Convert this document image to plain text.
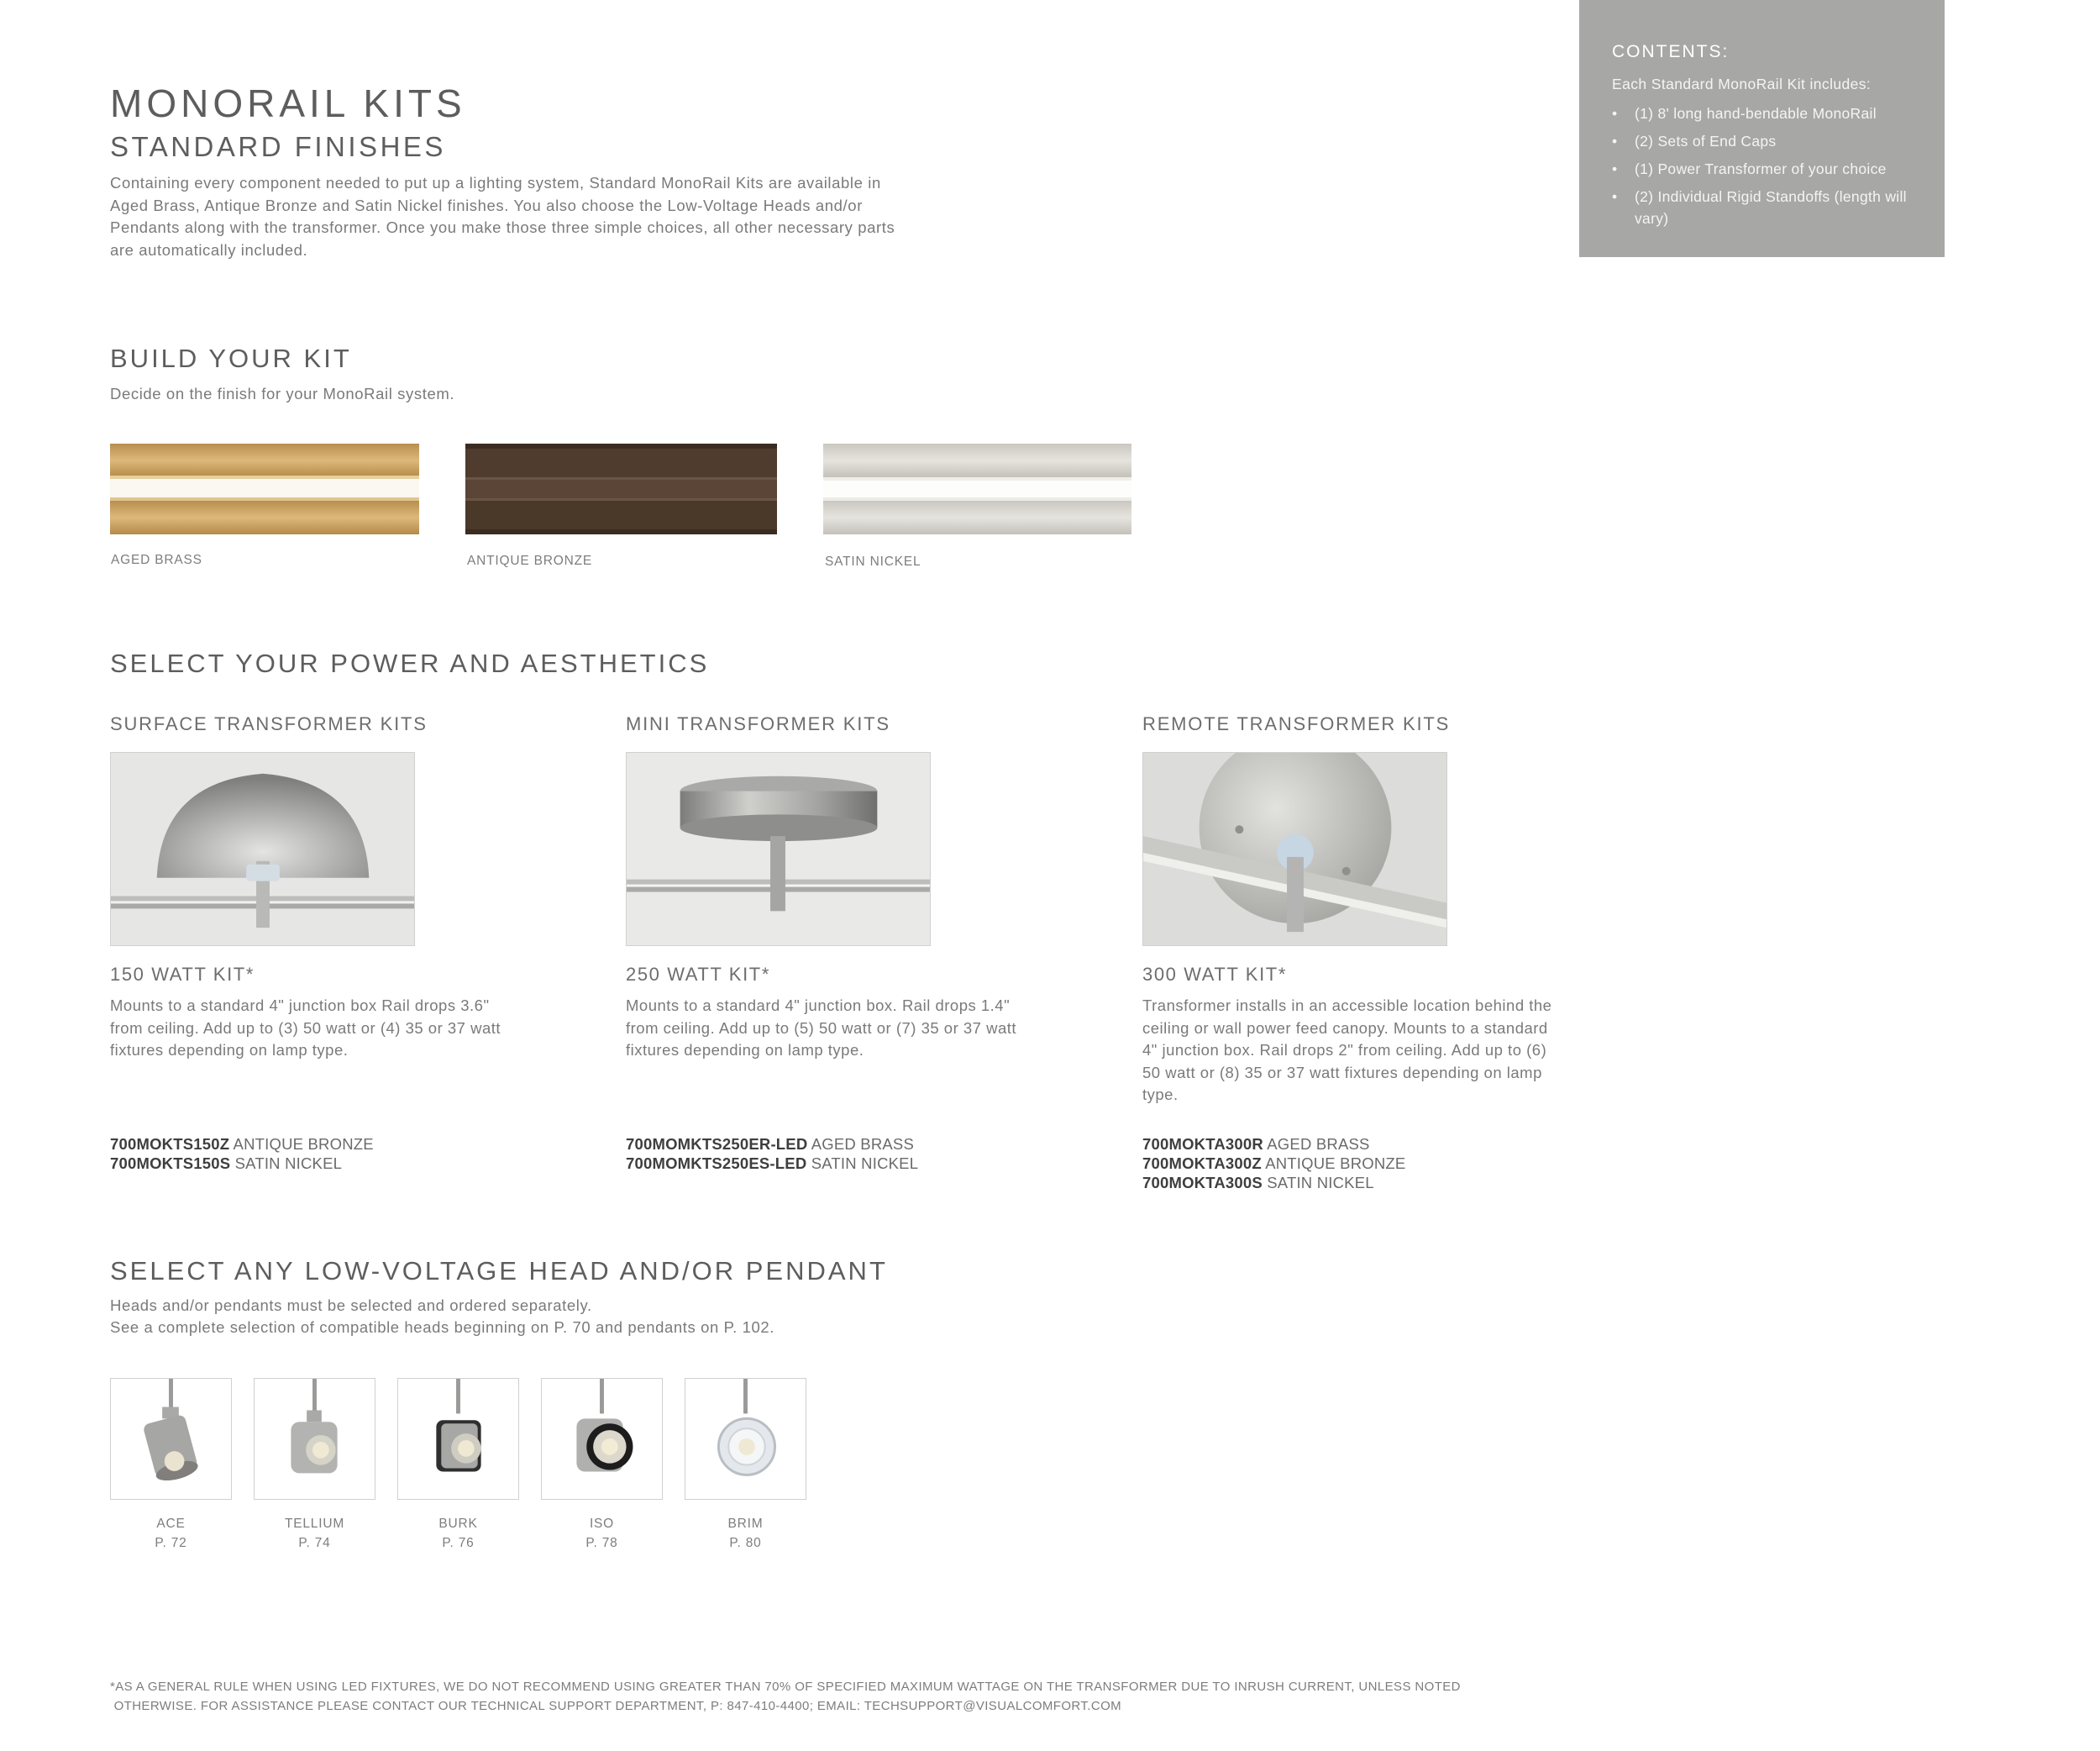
MONORAIL KITS
STANDARD FINISHES

Containing every component needed to put up a lighting system, Standard MonoRail Kits are available in Aged Brass, Antique Bronze and Satin Nickel finishes. You also choose the Low-Voltage Heads and/or Pendants along with the transformer. Once you make those three simple choices, all other necessary parts are automatically included.

CONTENTS:
Each Standard MonoRail Kit includes:
• (1) 8' long hand-bendable MonoRail
• (2) Sets of End Caps
• (1) Power Transformer of your choice
• (2) Individual Rigid Standoffs (length will vary)
BUILD YOUR KIT
Decide on the finish for your MonoRail system.
AGED BRASS	ANTIQUE BRONZE	SATIN NICKEL
SELECT YOUR POWER AND AESTHETICS
SURFACE TRANSFORMER KITS
150 WATT KIT*

Mounts to a standard 4" junction box Rail drops 3.6" from ceiling. Add up to (3) 50 watt or (4) 35 or 37 watt fixtures depending on lamp type.

700MOKTS150Z ANTIQUE BRONZE
700MOKTS150S SATIN NICKEL
MINI TRANSFORMER KITS
250 WATT KIT*

Mounts to a standard 4" junction box. Rail drops 1.4" from ceiling. Add up to (5) 50 watt or (7) 35 or 37 watt fixtures depending on lamp type.

700MOMKTS250ER-LED AGED BRASS
700MOMKTS250ES-LED SATIN NICKEL
REMOTE TRANSFORMER KITS
300 WATT KIT*

Transformer installs in an accessible location behind the ceiling or wall power feed canopy. Mounts to a standard 4" junction box. Rail drops 2" from ceiling. Add up to (6) 50 watt or (8) 35 or 37 watt fixtures depending on lamp type.

700MOKTA300R AGED BRASS
700MOKTA300Z ANTIQUE BRONZE
700MOKTA300S SATIN NICKEL
SELECT ANY LOW-VOLTAGE HEAD AND/OR PENDANT
Heads and/or pendants must be selected and ordered separately.
See a complete selection of compatible heads beginning on P. 70 and pendants on P. 102.
ACE
P. 72
TELLIUM
P. 74
BURK
P. 76
ISO
P. 78
BRIM
P. 80
*AS A GENERAL RULE WHEN USING LED FIXTURES, WE DO NOT RECOMMEND USING GREATER THAN 70% OF SPECIFIED MAXIMUM WATTAGE ON THE TRANSFORMER DUE TO INRUSH CURRENT, UNLESS NOTED
OTHERWISE. FOR ASSISTANCE PLEASE CONTACT OUR TECHNICAL SUPPORT DEPARTMENT, P: 847-410-4400; EMAIL: TECHSUPPORT@VISUALCOMFORT.COM
